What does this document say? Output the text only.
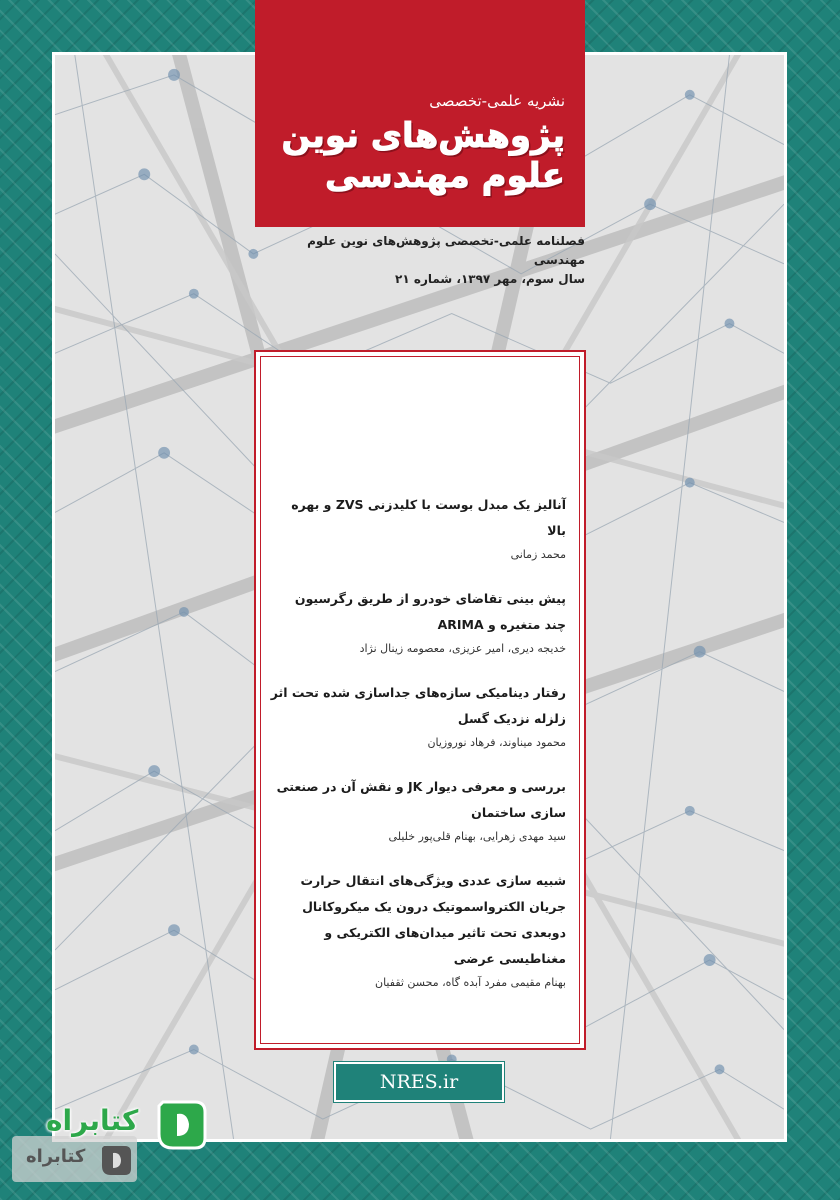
نشریه علمی-تخصصی
پژوهش‌های نوین
علوم مهندسی
فصلنامه علمی-تخصصی پژوهش‌های نوین علوم مهندسی
سال سوم، مهر ۱۳۹۷، شماره ۲۱
آنالیز یک مبدل بوست با کلیدزنی ZVS و بهره بالا
محمد زمانی
پیش بینی تقاضای خودرو از طریق رگرسیون چند متغیره و ARIMA
خدیجه دیری، امیر عزیزی، معصومه زینال نژاد
رفتار دینامیکی سازه‌های جداسازی شده تحت اثر زلزله نزدیک گسل
محمود میناوند، فرهاد نوروزیان
بررسی و معرفی دیوار JK و نقش آن در صنعتی سازی ساختمان
سید مهدی زهرایی، بهنام قلی‌پور خلیلی
شبیه سازی عددی ویژگی‌های انتقال حرارت جریان الکترواسموتیک درون یک میکروکانال دوبعدی تحت تاثیر میدان‌های الکتریکی و مغناطیسی عرضی
بهنام مقیمی مفرد آبده گاه، محسن ثقفیان
NRES.ir
کتابراه
کتابراه
